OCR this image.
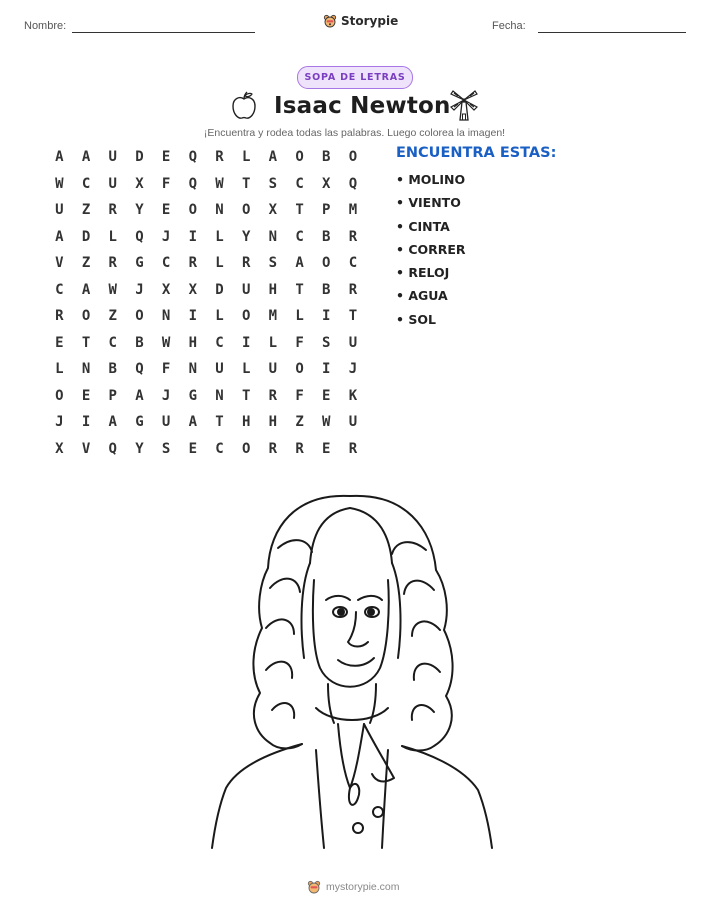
Nombre:	Storypie	Fecha:
SOPA DE LETRAS
Isaac Newton
¡Encuentra y rodea todas las palabras. Luego colorea la imagen!
A	A	U	D	E	Q	R	L	A	O	B	O
W	C	U	X	F	Q	W	T	S	C	X	Q
U	Z	R	Y	E	O	N	O	X	T	P	M
A	D	L	Q	J	I	L	Y	N	C	B	R
V	Z	R	G	C	R	L	R	S	A	O	C
C	A	W	J	X	X	D	U	H	T	B	R
R	O	Z	O	N	I	L	O	M	L	I	T
E	T	C	B	W	H	C	I	L	F	S	U
L	N	B	Q	F	N	U	L	U	O	I	J
O	E	P	A	J	G	N	T	R	F	E	K
J	I	A	G	U	A	T	H	H	Z	W	U
X	V	Q	Y	S	E	C	O	R	R	E	R
ENCUENTRA ESTAS:
• MOLINO
• VIENTO
• CINTA
• CORRER
• RELOJ
• AGUA
• SOL
mystorypie.com
